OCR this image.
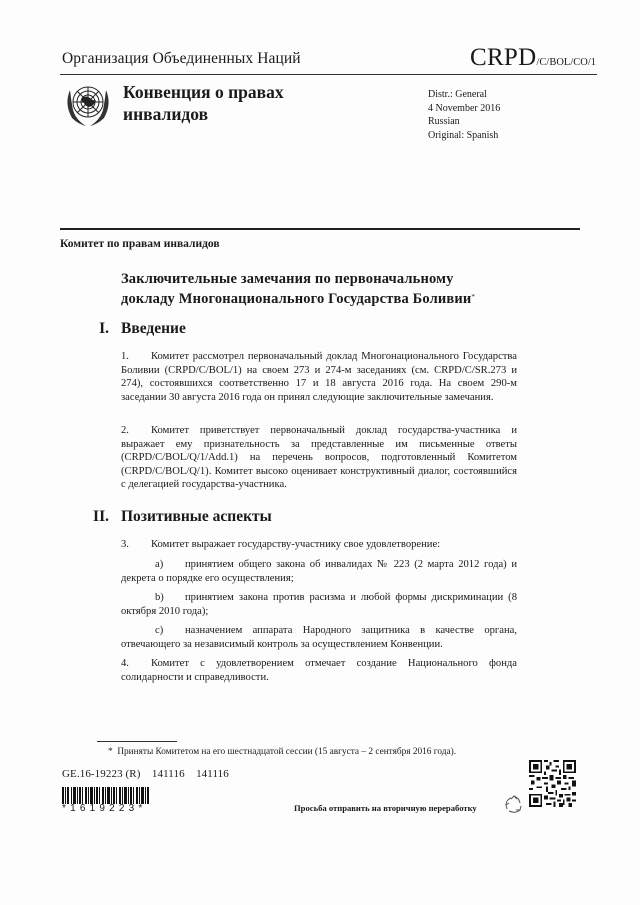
Организация Объединенных Наций	CRPD/C/BOL/CO/1
Конвенция о правах
инвалидов
Distr.: General
4 November 2016
Russian
Original: Spanish
Комитет по правам инвалидов
Заключительные замечания по первоначальному
докладу Многонационального Государства Боливии*
I. Введение
1. Комитет рассмотрел первоначальный доклад Многонационального Государства Боливии (CRPD/C/BOL/1) на своем 273 и 274-м заседаниях (см. CRPD/C/SR.273 и 274), состоявшихся соответственно 17 и 18 августа 2016 года. На своем 290-м заседании 30 августа 2016 года он принял следующие заключительные замечания.
2. Комитет приветствует первоначальный доклад государства-участника и выражает ему признательность за представленные им письменные ответы (CRPD/C/BOL/Q/1/Add.1) на перечень вопросов, подготовленный Комитетом (CRPD/C/BOL/Q/1). Комитет высоко оценивает конструктивный диалог, состоявшийся с делегацией государства-участника.
II. Позитивные аспекты
3. Комитет выражает государству-участнику свое удовлетворение:
a) принятием общего закона об инвалидах № 223 (2 марта 2012 года) и декрета о порядке его осуществления;
b) принятием закона против расизма и любой формы дискриминации (8 октября 2010 года);
c) назначением аппарата Народного защитника в качестве органа, отвечающего за независимый контроль за осуществлением Конвенции.
4. Комитет с удовлетворением отмечает создание Национального фонда солидарности и справедливости.
* Приняты Комитетом на его шестнадцатой сессии (15 августа – 2 сентября 2016 года).
GE.16-19223 (R)    141116    141116
*1619223*	Просьба отправить на вторичную переработку
